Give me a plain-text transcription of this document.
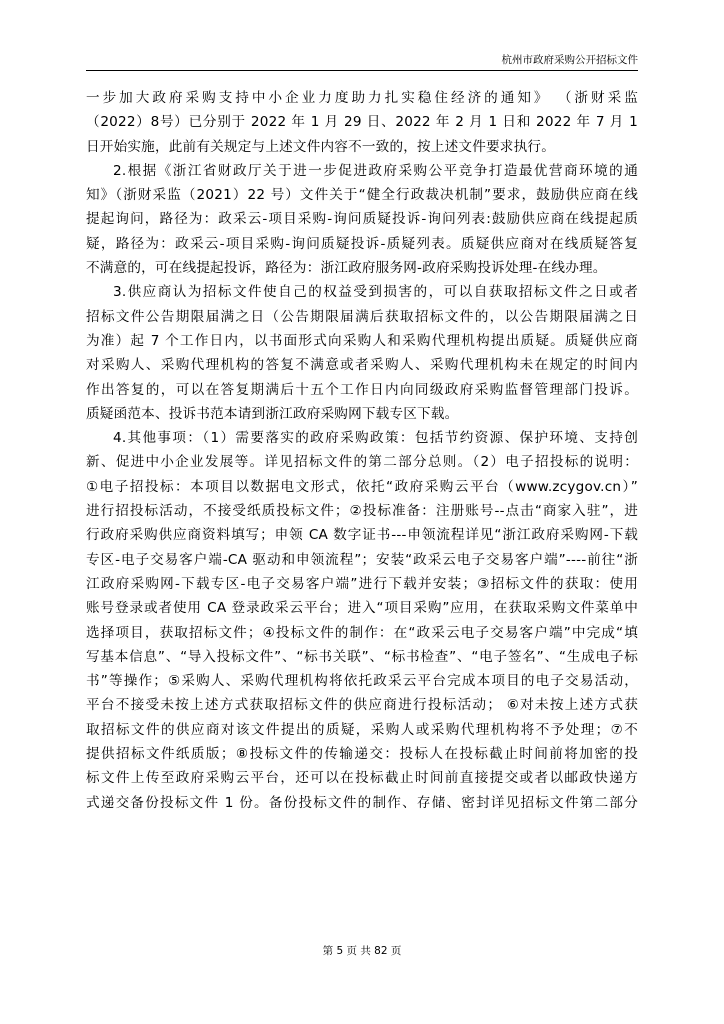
杭州市政府采购公开招标文件
一步加大政府采购支持中小企业力度助力扎实稳住经济的通知》 （浙财采监
（2022）8号）已分别于 2022 年 1 月 29 日、2022 年 2 月 1 日和 2022 年 7 月 1
日开始实施，此前有关规定与上述文件内容不一致的，按上述文件要求执行。
2.根据《浙江省财政厅关于进一步促进政府采购公平竞争打造最优营商环境的通
知》（浙财采监（2021）22 号）文件关于“健全行政裁决机制”要求，鼓励供应商在线
提起询问，路径为：政采云-项目采购-询问质疑投诉-询问列表:鼓励供应商在线提起质
疑，路径为：政采云-项目采购-询问质疑投诉-质疑列表。质疑供应商对在线质疑答复
不满意的，可在线提起投诉，路径为：浙江政府服务网-政府采购投诉处理-在线办理。
3.供应商认为招标文件使自己的权益受到损害的，可以自获取招标文件之日或者
招标文件公告期限届满之日（公告期限届满后获取招标文件的，以公告期限届满之日
为准）起 7 个工作日内，以书面形式向采购人和采购代理机构提出质疑。质疑供应商
对采购人、采购代理机构的答复不满意或者采购人、采购代理机构未在规定的时间内
作出答复的，可以在答复期满后十五个工作日内向同级政府采购监督管理部门投诉。
质疑函范本、投诉书范本请到浙江政府采购网下载专区下载。
4.其他事项：（1）需要落实的政府采购政策：包括节约资源、保护环境、支持创
新、促进中小企业发展等。详见招标文件的第二部分总则。（2）电子招投标的说明：
①电子招投标：本项目以数据电文形式，依托“政府采购云平台（www.zcygov.cn）”
进行招投标活动，不接受纸质投标文件；②投标准备：注册账号--点击“商家入驻”，进
行政府采购供应商资料填写；申领 CA 数字证书---申领流程详见“浙江政府采购网-下载
专区-电子交易客户端-CA 驱动和申领流程”；安装“政采云电子交易客户端”----前往“浙
江政府采购网-下载专区-电子交易客户端”进行下载并安装；③招标文件的获取：使用
账号登录或者使用 CA 登录政采云平台；进入“项目采购”应用，在获取采购文件菜单中
选择项目，获取招标文件；④投标文件的制作：在“政采云电子交易客户端”中完成“填
写基本信息”、“导入投标文件”、“标书关联”、“标书检查”、“电子签名”、“生成电子标
书”等操作；⑤采购人、采购代理机构将依托政采云平台完成本项目的电子交易活动，
平台不接受未按上述方式获取招标文件的供应商进行投标活动； ⑥对未按上述方式获
取招标文件的供应商对该文件提出的质疑，采购人或采购代理机构将不予处理；⑦不
提供招标文件纸质版；⑧投标文件的传输递交：投标人在投标截止时间前将加密的投
标文件上传至政府采购云平台，还可以在投标截止时间前直接提交或者以邮政快递方
式递交备份投标文件 1 份。备份投标文件的制作、存储、密封详见招标文件第二部分
第 5 页 共 82 页
